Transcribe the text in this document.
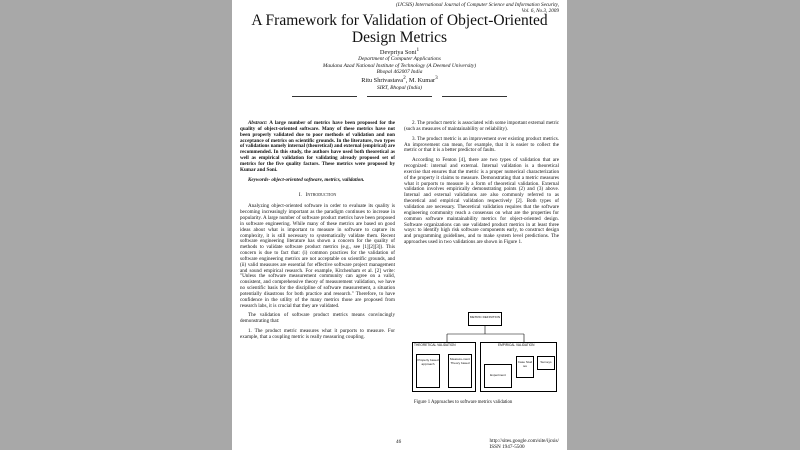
(IJCSIS) International Journal of Computer Science and Information Security,
Vol. 6, No.3, 2009
A Framework for Validation of Object-Oriented Design Metrics
Devpriya Soni$^1$
Department of Computer Applications
Maulana Azad National Institute of Technology (A Deemed University)
Bhopal 462007 India
Ritu Shrivastava$^2$, M. Kumar$^3$
SIRT, Bhopal (India)

Abstract: A large number of metrics have been proposed for the quality of object-oriented software. Many of these metrics have not been properly validated due to poor methods of validation and non acceptance of metrics on scientific grounds. In the literature, two types of validations namely internal (theoretical) and external (empirical) are recommended. In this study, the authors have used both theoretical as well as empirical validation for validating already proposed set of metrics for the five quality factors. These metrics were proposed by Kumar and Soni.

Keywords- object-oriented software, metrics, validation.

I. Introduction

Analyzing object-oriented software in order to evaluate its quality is becoming increasingly important as the paradigm continues to increase in popularity. A large number of software product metrics have been proposed in software engineering. While many of these metrics are based on good ideas about what is important to measure in software to capture its complexity, it is still necessary to systematically validate them. Recent software engineering literature has shown a concern for the quality of methods to validate software product metrics (e.g., see [1][2][3]). This concern is due to fact that: (i) common practices for the validation of software engineering metrics are not acceptable on scientific grounds, and (ii) valid measures are essential for effective software project management and sound empirical research. For example, Kitchenham et al. [2] write: "Unless the software measurement community can agree on a valid, consistent, and comprehensive theory of measurement validation, we have no scientific basis for the discipline of software measurement, a situation potentially disastrous for both practice and research." Therefore, to have confidence in the utility of the many metrics those are proposed from research labs, it is crucial that they are validated.

The validation of software product metrics means convincingly demonstrating that:

1. The product metric measures what it purports to measure. For example, that a coupling metric is really measuring coupling.

2. The product metric is associated with some important external metric (such as measures of maintainability or reliability).

3. The product metric is an improvement over existing product metrics. An improvement can mean, for example, that it is easier to collect the metric or that it is a better predictor of faults.

According to Fenton [4], there are two types of validation that are recognized: internal and external. Internal validation is a theoretical exercise that ensures that the metric is a proper numerical characterization of the property it claims to measure. Demonstrating that a metric measures what it purports to measure is a form of theoretical validation. External validation involves empirically demonstrating points (2) and (3) above. Internal and external validations are also commonly referred to as theoretical and empirical validation respectively [2]. Both types of validation are necessary. Theoretical validation requires that the software engineering community reach a consensus on what are the properties for common software maintainability metrics for object-oriented design. Software organizations can use validated product metrics in at least three ways: to identify high risk software components early, to construct design and programming guidelines, and to make system level predictions. The approaches used in two validations are shown in Figure 1.

METRIC DEFINITION
THEORETICAL VALIDATION
Property based approach
Measure-ment Theory based
EMPIRICAL VALIDATION
Experiment
Case Stud ies
Surveys
Figure 1 Approaches to software metrics validation
46	http://sites.google.com/site/ijcsis/
ISSN 1947-5500
